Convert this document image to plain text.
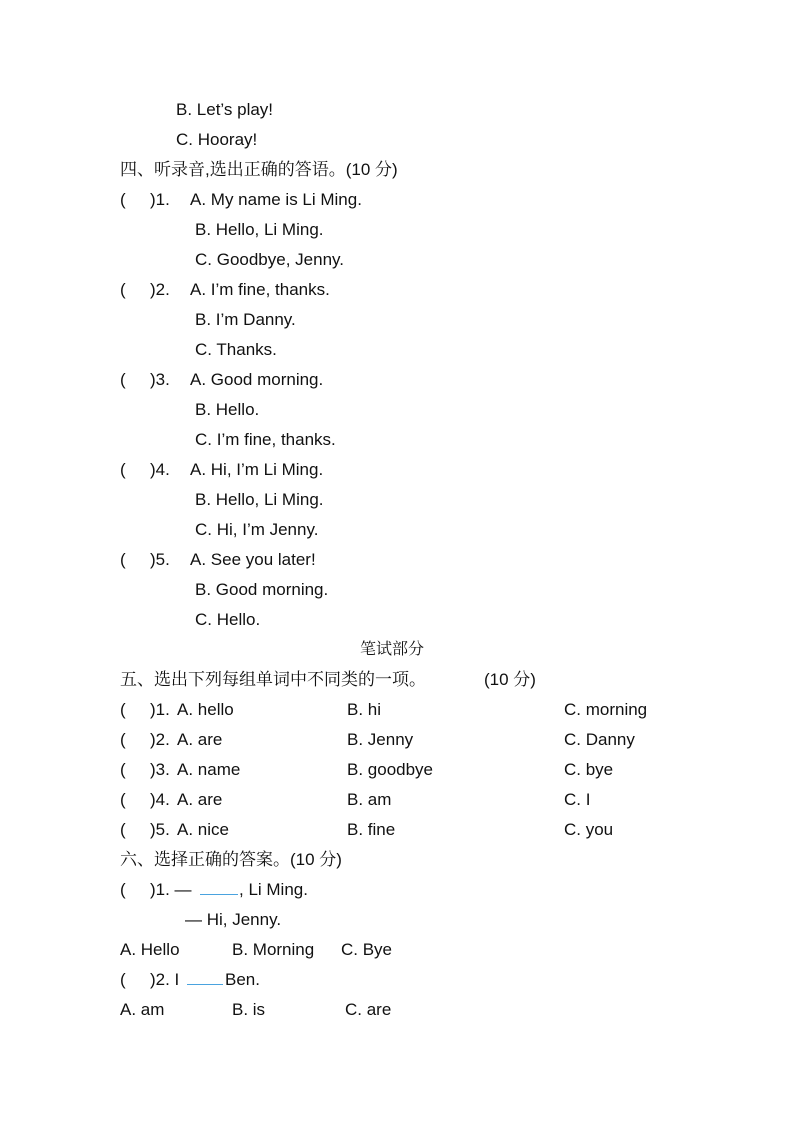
B. Let’s play!
C. Hooray!
四、听录音,选出正确的答语。(10 分)
( )1. A. My name is Li Ming.
B. Hello, Li Ming.
C. Goodbye, Jenny.
( )2. A. I’m fine, thanks.
B. I’m Danny.
C. Thanks.
( )3. A. Good morning.
B. Hello.
C. I’m fine, thanks.
( )4. A. Hi, I’m Li Ming.
B. Hello, Li Ming.
C. Hi, I’m Jenny.
( )5. A. See you later!
B. Good morning.
C. Hello.
笔试部分
五、选出下列每组单词中不同类的一项。	(10 分)
( )1. A. hello	B. hi	C. morning
( )2. A. are	B. Jenny	C. Danny
( )3. A. name	B. goodbye	C. bye
( )4. A. are	B. am	C. I
( )5. A. nice	B. fine	C. you
六、选择正确的答案。(10 分)
( )1. —	, Li Ming.
— Hi, Jenny.
A. Hello	B. Morning C. Bye
( )2. I	Ben.
A. am	B. is	C. are
